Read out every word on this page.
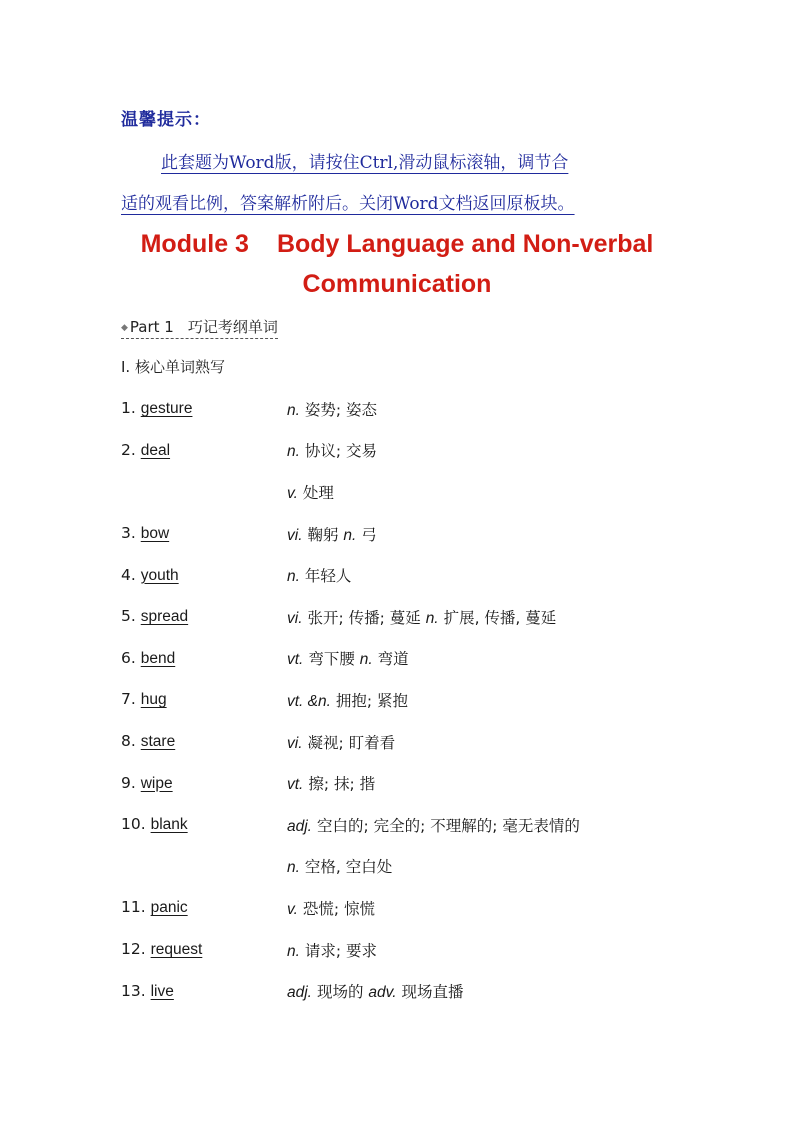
温馨提示：
此套题为Word版，请按住Ctrl,滑动鼠标滚轴，调节合
适的观看比例，答案解析附后。关闭Word文档返回原板块。
Module 3 Body Language and Non-verbal
Communication
◆ Part 1 巧记考纲单词
Ⅰ. 核心单词熟写
1. gesture	n. 姿势; 姿态
2. deal	n. 协议; 交易
v. 处理
3. bow	vi. 鞠躬 n. 弓
4. youth	n. 年轻人
5. spread	vi. 张开; 传播; 蔓延 n. 扩展, 传播, 蔓延
6. bend	vt. 弯下腰 n. 弯道
7. hug	vt. &n. 拥抱; 紧抱
8. stare	vi. 凝视; 盯着看
9. wipe	vt. 擦; 抹; 揩
10. blank	adj. 空白的; 完全的; 不理解的; 毫无表情的
n. 空格, 空白处
11. panic	v. 恐慌; 惊慌
12. request	n. 请求; 要求
13. live	adj. 现场的 adv. 现场直播
